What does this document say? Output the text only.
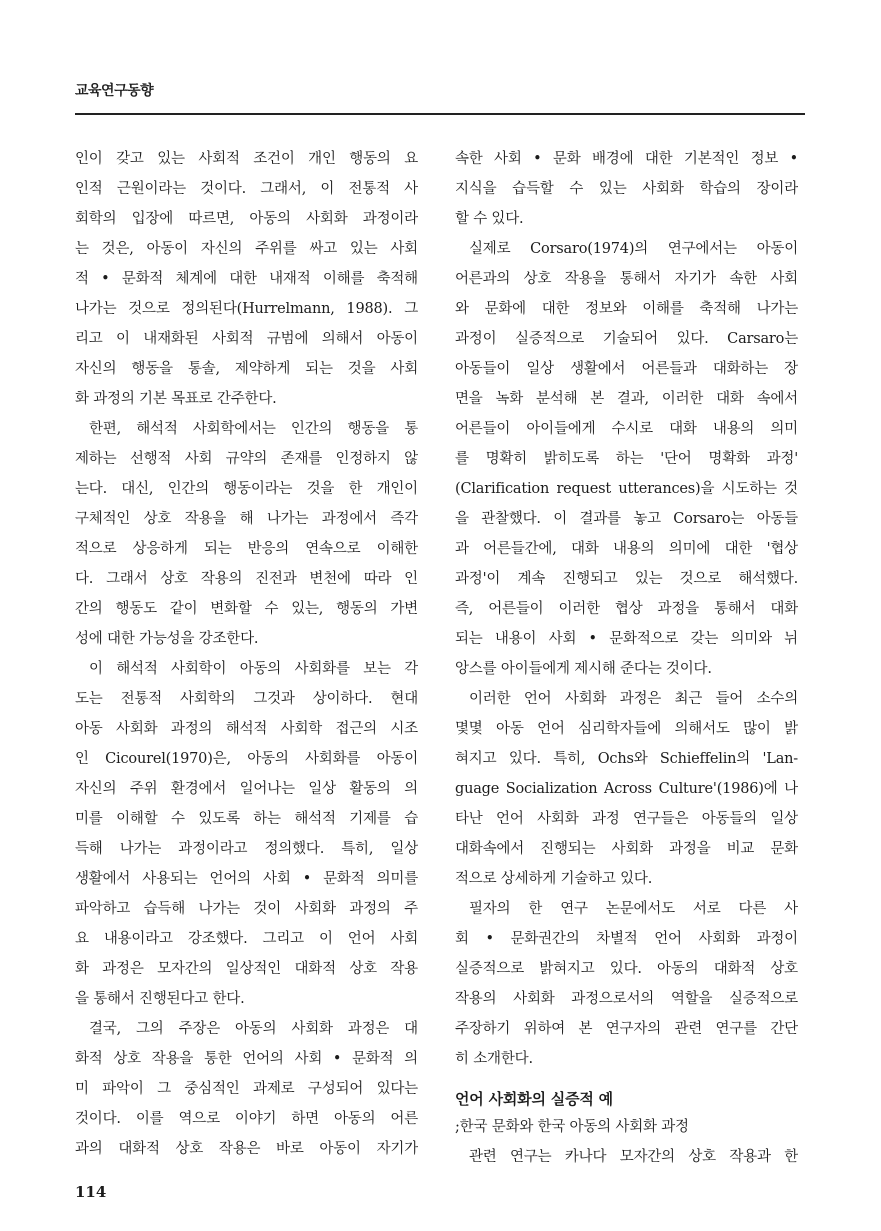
교육연구동향
인이 갖고 있는 사회적 조건이 개인 행동의 요
인적 근원이라는 것이다. 그래서, 이 전통적 사
회학의 입장에 따르면, 아동의 사회화 과정이라
는 것은, 아동이 자신의 주위를 싸고 있는 사회
적 • 문화적 체계에 대한 내재적 이해를 축적해
나가는 것으로 정의된다(Hurrelmann, 1988). 그
리고 이 내재화된 사회적 규범에 의해서 아동이
자신의 행동을 통솔, 제약하게 되는 것을 사회
화 과정의 기본 목표로 간주한다.
한편, 해석적 사회학에서는 인간의 행동을 통
제하는 선행적 사회 규약의 존재를 인정하지 않
는다. 대신, 인간의 행동이라는 것을 한 개인이
구체적인 상호 작용을 해 나가는 과정에서 즉각
적으로 상응하게 되는 반응의 연속으로 이해한
다. 그래서 상호 작용의 진전과 변천에 따라 인
간의 행동도 같이 변화할 수 있는, 행동의 가변
성에 대한 가능성을 강조한다.
이 해석적 사회학이 아동의 사회화를 보는 각
도는 전통적 사회학의 그것과 상이하다. 현대
아동 사회화 과정의 해석적 사회학 접근의 시조
인 Cicourel(1970)은, 아동의 사회화를 아동이
자신의 주위 환경에서 일어나는 일상 활동의 의
미를 이해할 수 있도록 하는 해석적 기제를 습
득해 나가는 과정이라고 정의했다. 특히, 일상
생활에서 사용되는 언어의 사회 • 문화적 의미를
파악하고 습득해 나가는 것이 사회화 과정의 주
요 내용이라고 강조했다. 그리고 이 언어 사회
화 과정은 모자간의 일상적인 대화적 상호 작용
을 통해서 진행된다고 한다.
결국, 그의 주장은 아동의 사회화 과정은 대
화적 상호 작용을 통한 언어의 사회 • 문화적 의
미 파악이 그 중심적인 과제로 구성되어 있다는
것이다. 이를 역으로 이야기 하면 아동의 어른
과의 대화적 상호 작용은 바로 아동이 자기가
속한 사회 • 문화 배경에 대한 기본적인 정보 •
지식을 습득할 수 있는 사회화 학습의 장이라
할 수 있다.
실제로 Corsaro(1974)의 연구에서는 아동이
어른과의 상호 작용을 통해서 자기가 속한 사회
와 문화에 대한 정보와 이해를 축적해 나가는
과정이 실증적으로 기술되어 있다. Carsaro는
아동들이 일상 생활에서 어른들과 대화하는 장
면을 녹화 분석해 본 결과, 이러한 대화 속에서
어른들이 아이들에게 수시로 대화 내용의 의미
를 명확히 밝히도록 하는 '단어 명확화 과정'
(Clarification request utterances)을 시도하는 것
을 관찰했다. 이 결과를 놓고 Corsaro는 아동들
과 어른들간에, 대화 내용의 의미에 대한 '협상
과정'이 계속 진행되고 있는 것으로 해석했다.
즉, 어른들이 이러한 협상 과정을 통해서 대화
되는 내용이 사회 • 문화적으로 갖는 의미와 뉘
앙스를 아이들에게 제시해 준다는 것이다.
이러한 언어 사회화 과정은 최근 들어 소수의
몇몇 아동 언어 심리학자들에 의해서도 많이 밝
혀지고 있다. 특히, Ochs와 Schieffelin의 'Lan-
guage Socialization Across Culture'(1986)에 나
타난 언어 사회화 과정 연구들은 아동들의 일상
대화속에서 진행되는 사회화 과정을 비교 문화
적으로 상세하게 기술하고 있다.
필자의 한 연구 논문에서도 서로 다른 사
회 • 문화권간의 차별적 언어 사회화 과정이
실증적으로 밝혀지고 있다. 아동의 대화적 상호
작용의 사회화 과정으로서의 역할을 실증적으로
주장하기 위하여 본 연구자의 관련 연구를 간단
히 소개한다.
언어 사회화의 실증적 예
;한국 문화와 한국 아동의 사회화 과정
관련 연구는 카나다 모자간의 상호 작용과 한
114
